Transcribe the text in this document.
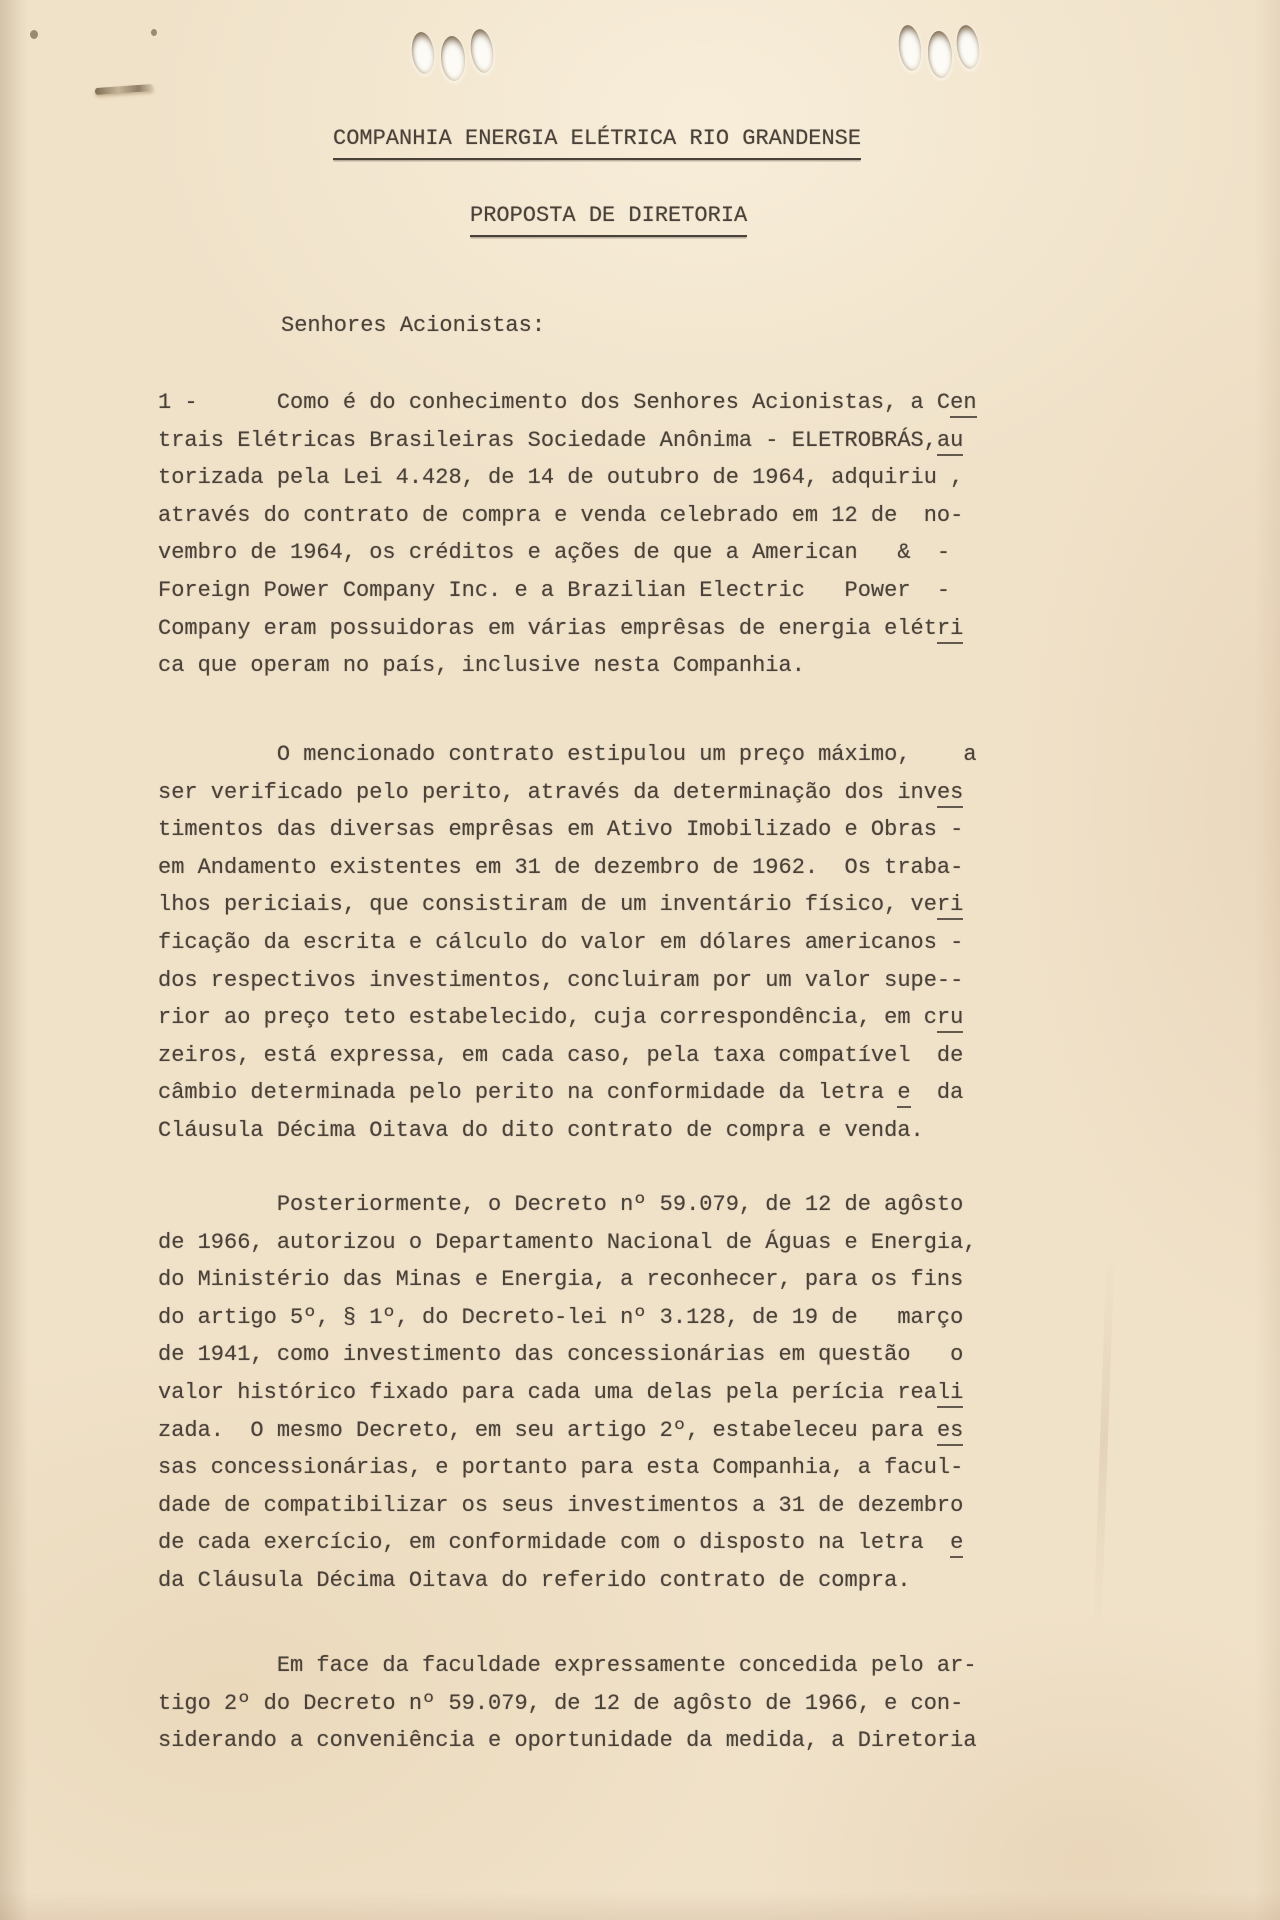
COMPANHIA ENERGIA ELÉTRICA RIO GRANDENSE
PROPOSTA DE DIRETORIA
Senhores Acionistas:
1 -      Como é do conhecimento dos Senhores Acionistas, a Cen
trais Elétricas Brasileiras Sociedade Anônima - ELETROBRÁS,au
torizada pela Lei 4.428, de 14 de outubro de 1964, adquiriu ,
através do contrato de compra e venda celebrado em 12 de  no-
vembro de 1964, os créditos e ações de que a American   &  -
Foreign Power Company Inc. e a Brazilian Electric   Power  -
Company eram possuidoras em várias emprêsas de energia elétri
ca que operam no país, inclusive nesta Companhia.
O mencionado contrato estipulou um preço máximo,    a
ser verificado pelo perito, através da determinação dos inves
timentos das diversas emprêsas em Ativo Imobilizado e Obras -
em Andamento existentes em 31 de dezembro de 1962.  Os traba-
lhos periciais, que consistiram de um inventário físico, veri
ficação da escrita e cálculo do valor em dólares americanos -
dos respectivos investimentos, concluiram por um valor supe--
rior ao preço teto estabelecido, cuja correspondência, em cru
zeiros, está expressa, em cada caso, pela taxa compatível  de
câmbio determinada pelo perito na conformidade da letra e  da
Cláusula Décima Oitava do dito contrato de compra e venda.
Posteriormente, o Decreto nº 59.079, de 12 de agôsto
de 1966, autorizou o Departamento Nacional de Águas e Energia,
do Ministério das Minas e Energia, a reconhecer, para os fins
do artigo 5º, § 1º, do Decreto-lei nº 3.128, de 19 de   março
de 1941, como investimento das concessionárias em questão   o
valor histórico fixado para cada uma delas pela perícia reali
zada.  O mesmo Decreto, em seu artigo 2º, estabeleceu para es
sas concessionárias, e portanto para esta Companhia, a facul-
dade de compatibilizar os seus investimentos a 31 de dezembro
de cada exercício, em conformidade com o disposto na letra  e
da Cláusula Décima Oitava do referido contrato de compra.
Em face da faculdade expressamente concedida pelo ar-
tigo 2º do Decreto nº 59.079, de 12 de agôsto de 1966, e con-
siderando a conveniência e oportunidade da medida, a Diretoria
